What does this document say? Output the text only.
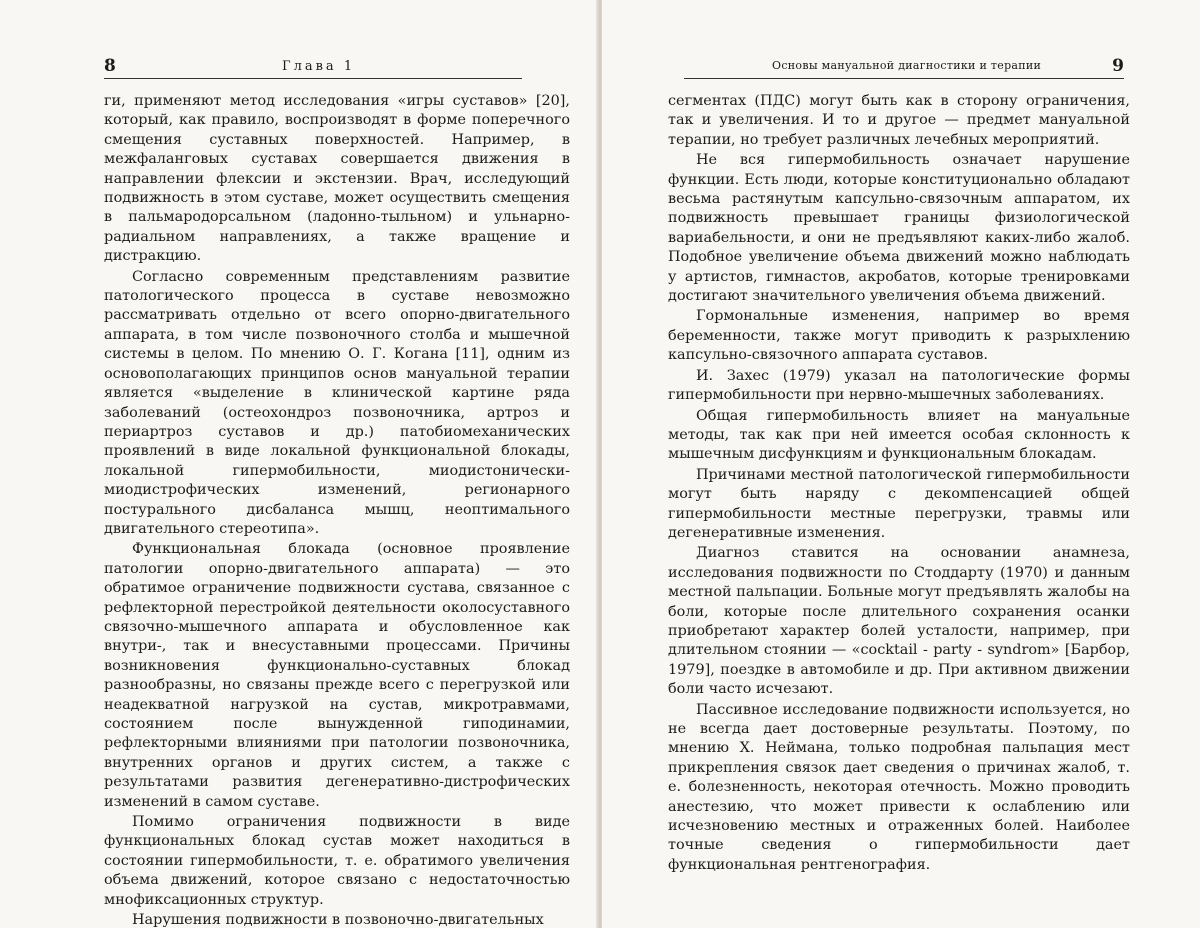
8	Глава 1

ги, применяют метод исследования «игры суставов» [20], который, как правило, воспроизводят в форме поперечного смещения суставных поверхностей. Например, в межфаланговых суставах совершается движения в направлении флексии и экстензии. Врач, исследующий подвижность в этом суставе, может осуществить смещения в пальмародорсальном (ладонно-тыльном) и ульнарно-радиальном направлениях, а также вращение и дистракцию.

Согласно современным представлениям развитие патологического процесса в суставе невозможно рассматривать отдельно от всего опорно-двигательного аппарата, в том числе позвоночного столба и мышечной системы в целом. По мнению О. Г. Когана [11], одним из основополагающих принципов основ мануальной терапии является «выделение в клинической картине ряда заболеваний (остеохондроз позвоночника, артроз и периартроз суставов и др.) патобиомеханических проявлений в виде локальной функциональной блокады, локальной гипермобильности, миодистонически-миодистрофических изменений, регионарного постурального дисбаланса мышц, неоптимального двигательного стереотипа».

Функциональная блокада (основное проявление патологии опорно-двигательного аппарата) — это обратимое ограничение подвижности сустава, связанное с рефлекторной перестройкой деятельности околосуставного связочно-мышечного аппарата и обусловленное как внутри-, так и внесуставными процессами. Причины возникновения функционально-суставных блокад разнообразны, но связаны прежде всего с перегрузкой или неадекватной нагрузкой на сустав, микротравмами, состоянием после вынужденной гиподинамии, рефлекторными влияниями при патологии позвоночника, внутренних органов и других систем, а также с результатами развития дегенеративно-дистрофических изменений в самом суставе.

Помимо ограничения подвижности в виде функциональных блокад сустав может находиться в состоянии гипермобильности, т. е. обратимого увеличения объема движений, которое связано с недостаточностью мнофиксационных структур.

Нарушения подвижности в позвоночно-двигательных

Основы мануальной диагностики и терапии	9

сегментах (ПДС) могут быть как в сторону ограничения, так и увеличения. И то и другое — предмет мануальной терапии, но требует различных лечебных мероприятий.

Не вся гипермобильность означает нарушение функции. Есть люди, которые конституционально обладают весьма растянутым капсульно-связочным аппаратом, их подвижность превышает границы физиологической вариабельности, и они не предъявляют каких-либо жалоб. Подобное увеличение объема движений можно наблюдать у артистов, гимнастов, акробатов, которые тренировками достигают значительного увеличения объема движений.

Гормональные изменения, например во время беременности, также могут приводить к разрыхлению капсульно-связочного аппарата суставов.

И. Захес (1979) указал на патологические формы гипермобильности при нервно-мышечных заболеваниях.

Общая гипермобильность влияет на мануальные методы, так как при ней имеется особая склонность к мышечным дисфункциям и функциональным блокадам.

Причинами местной патологической гипермобильности могут быть наряду с декомпенсацией общей гипермобильности местные перегрузки, травмы или дегенеративные изменения.

Диагноз ставится на основании анамнеза, исследования подвижности по Стоддарту (1970) и данным местной пальпации. Больные могут предъявлять жалобы на боли, которые после длительного сохранения осанки приобретают характер болей усталости, например, при длительном стоянии — «cocktail - party - syndrom» [Барбор, 1979], поездке в автомобиле и др. При активном движении боли часто исчезают.

Пассивное исследование подвижности используется, но не всегда дает достоверные результаты. Поэтому, по мнению Х. Неймана, только подробная пальпация мест прикрепления связок дает сведения о причинах жалоб, т. е. болезненность, некоторая отечность. Можно проводить анестезию, что может привести к ослаблению или исчезновению местных и отраженных болей. Наиболее точные сведения о гипермобильности дает функциональная рентгенография.
